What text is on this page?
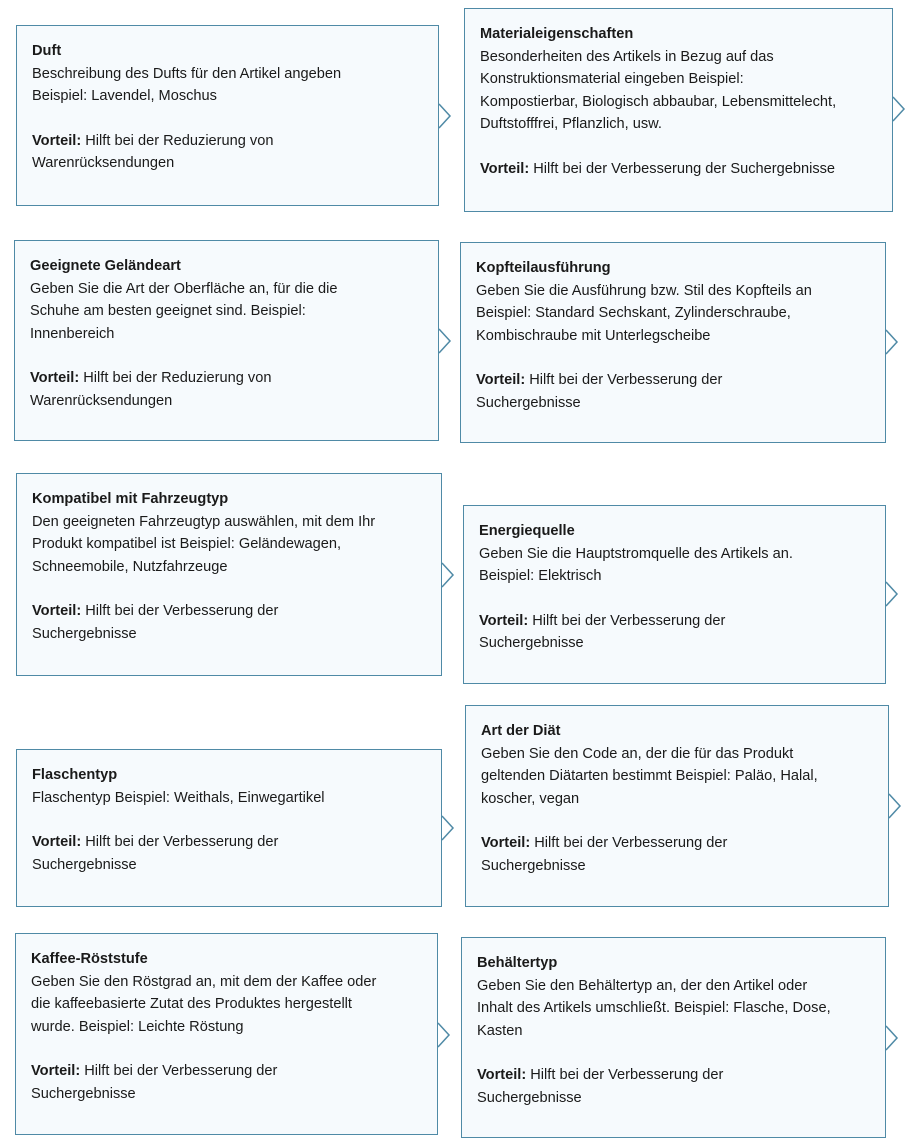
Duft
Beschreibung des Dufts für den Artikel angeben
Beispiel: Lavendel, Moschus
Vorteil: Hilft bei der Reduzierung von
Warenrücksendungen
Materialeigenschaften
Besonderheiten des Artikels in Bezug auf das
Konstruktionsmaterial eingeben Beispiel:
Kompostierbar, Biologisch abbaubar, Lebensmittelecht,
Duftstofffrei, Pflanzlich, usw.
Vorteil: Hilft bei der Verbesserung der Suchergebnisse
Geeignete Geländeart
Geben Sie die Art der Oberfläche an, für die die
Schuhe am besten geeignet sind. Beispiel:
Innenbereich
Vorteil: Hilft bei der Reduzierung von
Warenrücksendungen
Kopfteilausführung
Geben Sie die Ausführung bzw. Stil des Kopfteils an
Beispiel: Standard Sechskant, Zylinderschraube,
Kombischraube mit Unterlegscheibe
Vorteil: Hilft bei der Verbesserung der
Suchergebnisse
Kompatibel mit Fahrzeugtyp
Den geeigneten Fahrzeugtyp auswählen, mit dem Ihr
Produkt kompatibel ist Beispiel: Geländewagen,
Schneemobile, Nutzfahrzeuge
Vorteil: Hilft bei der Verbesserung der
Suchergebnisse
Energiequelle
Geben Sie die Hauptstromquelle des Artikels an.
Beispiel: Elektrisch
Vorteil: Hilft bei der Verbesserung der
Suchergebnisse
Flaschentyp
Flaschentyp Beispiel: Weithals, Einwegartikel
Vorteil: Hilft bei der Verbesserung der
Suchergebnisse
Art der Diät
Geben Sie den Code an, der die für das Produkt
geltenden Diätarten bestimmt Beispiel: Paläo, Halal,
koscher, vegan
Vorteil: Hilft bei der Verbesserung der
Suchergebnisse
Kaffee-Röststufe
Geben Sie den Röstgrad an, mit dem der Kaffee oder
die kaffeebasierte Zutat des Produktes hergestellt
wurde. Beispiel: Leichte Röstung
Vorteil: Hilft bei der Verbesserung der
Suchergebnisse
Behältertyp
Geben Sie den Behältertyp an, der den Artikel oder
Inhalt des Artikels umschließt. Beispiel: Flasche, Dose,
Kasten
Vorteil: Hilft bei der Verbesserung der
Suchergebnisse
